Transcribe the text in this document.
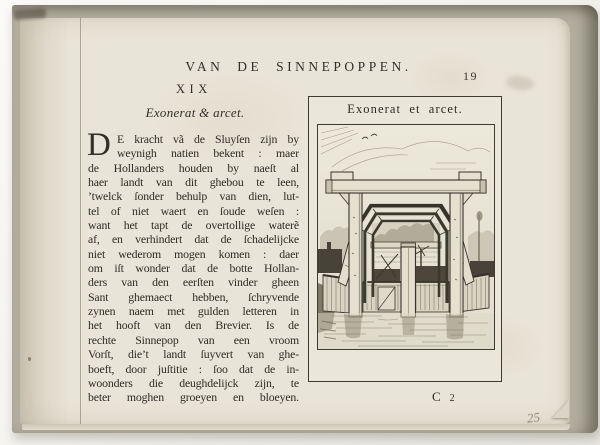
VAN DE SINNEPOPPEN.
19
XIX
Exonerat & arcet.
D E kracht vã de Sluyſen zijn by
weynigh natien bekent : maer
de Hollanders houden by naeſt al
haer landt van dit ghebou te leen,
’twelck ſonder behulp van dien, lut-
tel of niet waert en ſoude weſen :
want het tapt de overtollige waterẽ
af, en verhindert dat de ſchadelijcke
niet wederom mogen komen : daer
om iſt wonder dat de botte Hollan-
ders van den eerſten vinder gheen
Sant ghemaect hebben, ſchryvende
zynen naem met gulden letteren in
het hooft van den Brevier. Is de
rechte Sinnepop van een vroom
Vorſt, die’t landt ſuyvert van ghe-
boeft, door juſtitie : ſoo dat de in-
woonders die deughdelijck zijn, te
beter moghen groeyen en bloeyen.
Exonerat et arcet.
C 2
25
